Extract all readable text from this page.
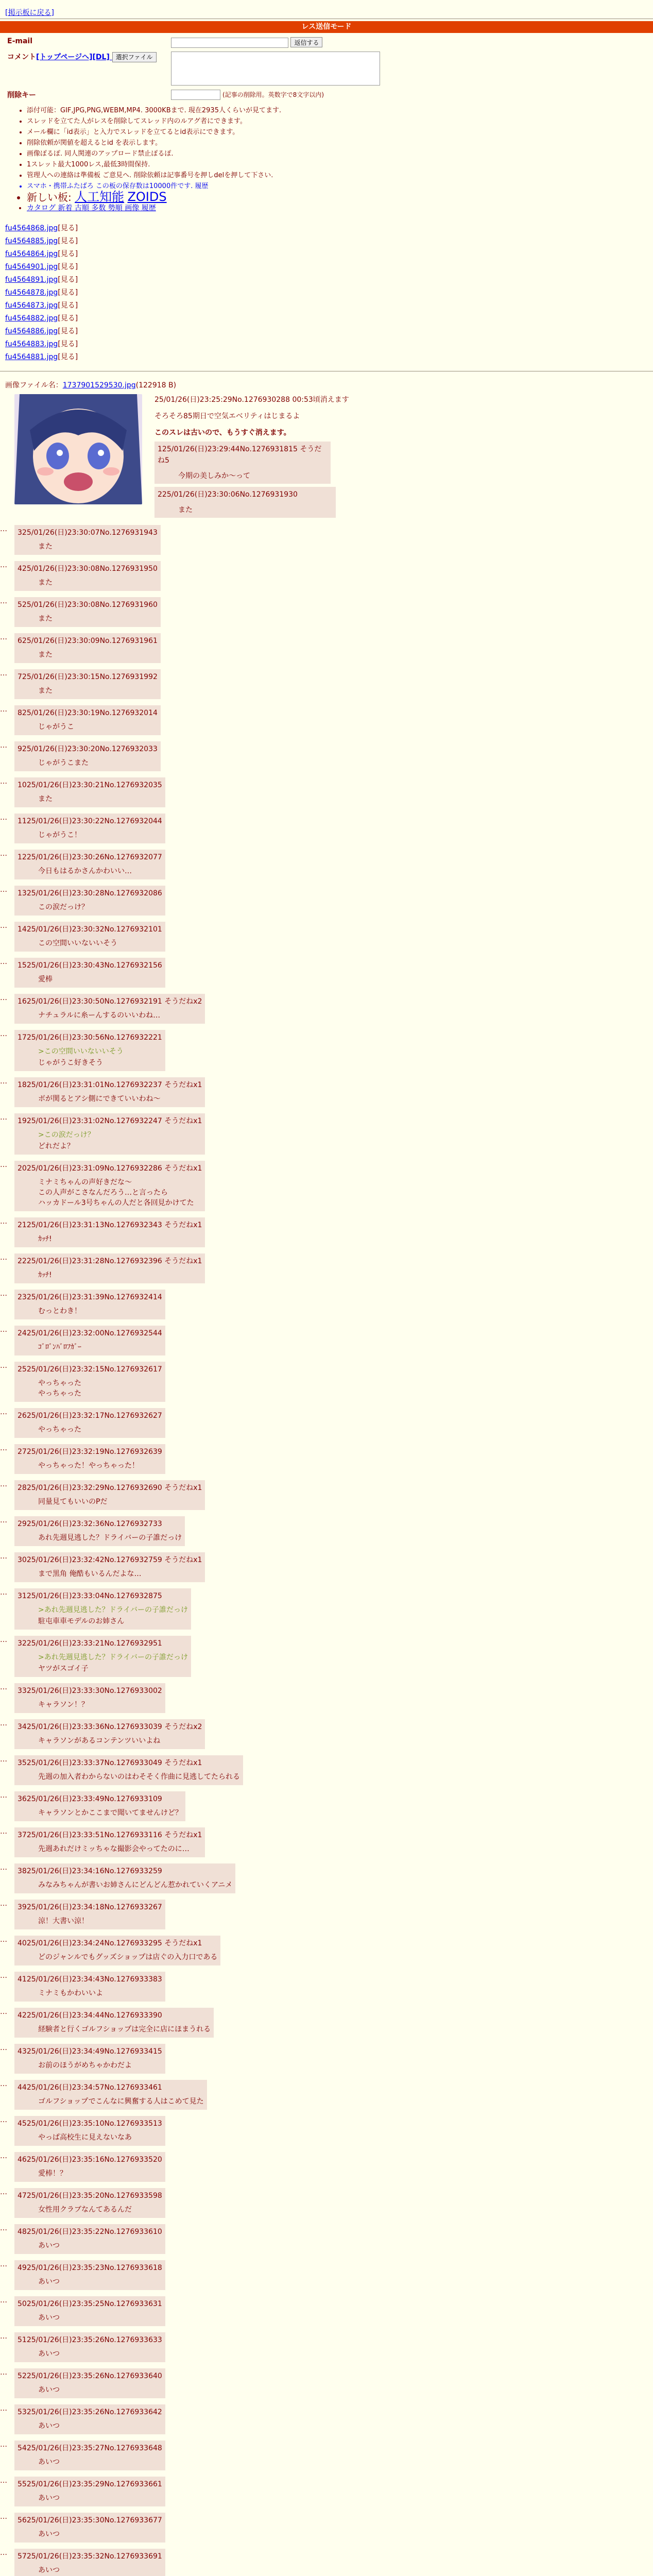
[掲示板に戻る]
レス送信モード
E-mail	返信する
コメント[トップページへ][DL] 選択ファイル	
削除キー	(記事の削除用。英数字で8文字以内)
• 添付可能：GIF,JPG,PNG,WEBM,MP4. 3000KBまで. 現在2935人くらいが見てます.
• スレッドを立てた人がレスを削除してスレッド内のルアグ者にできます。
• メール欄に「id表示」と入力でスレッドを立てるとid表示にできます。
• 削除依頼が関値を超えるとid を表示します。
• 画像ぽるぽ. 同人関連のアップロード禁止ぽるぽ.
• 1スレット最大1000レス,最低3時間保持.
• 管理人への連絡は準備板 ご意見へ. 削除依頼は記事番号を押しdelを押して下さい.
• スマホ・携帯ふたばろ この板の保存数は10000件です. 履歴
• 新しい板: 人工知能 ZOIDS
• カタログ 新着 古順 多数 勢順 画像 履歴
fu4564868.jpg[見る]
fu4564885.jpg[見る]
fu4564864.jpg[見る]
fu4564901.jpg[見る]
fu4564891.jpg[見る]
fu4564878.jpg[見る]
fu4564873.jpg[見る]
fu4564882.jpg[見る]
fu4564886.jpg[見る]
fu4564883.jpg[見る]
fu4564881.jpg[見る]
画像ファイル名：1737901529530.jpg(122918 B)
25/01/26(日)23:25:29No.1276930288 00:53頃消えます
そろそろ85期日で空気エベリティはじまるよ
このスレは古いので、もうすぐ消えます。
125/01/26(日)23:29:44No.1276931815 そうだね5
今期の美しみか～って
225/01/26(日)23:30:06No.1276931930
また
…	325/01/26(日)23:30:07No.1276931943
また
…	425/01/26(日)23:30:08No.1276931950
また
…	525/01/26(日)23:30:08No.1276931960
また
…	625/01/26(日)23:30:09No.1276931961
また
…	725/01/26(日)23:30:15No.1276931992
また
…	825/01/26(日)23:30:19No.1276932014
じゃがうこ
…	925/01/26(日)23:30:20No.1276932033
じゃがうこまた
…	1025/01/26(日)23:30:21No.1276932035
また
…	1125/01/26(日)23:30:22No.1276932044
じゃがうこ！
…	1225/01/26(日)23:30:26No.1276932077
今日もはるかさんかわいい…
…	1325/01/26(日)23:30:28No.1276932086
この涙だっけ？
…	1425/01/26(日)23:30:32No.1276932101
この空間いいないいそう
…	1525/01/26(日)23:30:43No.1276932156
愛棒
…	1625/01/26(日)23:30:50No.1276932191 そうだねx2
ナチュラルに糸ーんするのいいわね…
…	1725/01/26(日)23:30:56No.1276932221
>この空間いいないいそう
じゃがうこ好きそう
…	1825/01/26(日)23:31:01No.1276932237 そうだねx1
ボが関るとアシ側にできていいわね～
…	1925/01/26(日)23:31:02No.1276932247 そうだねx1
>この涙だっけ？
どれだよ？
…	2025/01/26(日)23:31:09No.1276932286 そうだねx1
ミナミちゃんの声好きだな～
この人声がこさなんだろう…と言ったら
ハッカドール3号ちゃんの人だと各回見かけてた
…	2125/01/26(日)23:31:13No.1276932343 そうだねx1
ｶｯﾁ!
…	2225/01/26(日)23:31:28No.1276932396 そうだねx1
ｶｯﾁ!
…	2325/01/26(日)23:31:39No.1276932414
むっとわき！
…	2425/01/26(日)23:32:00No.1276932544
ｺﾞﾛﾞﾝﾊﾞﾛﾌｶﾞｰ
…	2525/01/26(日)23:32:15No.1276932617
やっちゃった
やっちゃった
…	2625/01/26(日)23:32:17No.1276932627
やっちゃった
…	2725/01/26(日)23:32:19No.1276932639
やっちゃった！やっちゃった！
…	2825/01/26(日)23:32:29No.1276932690 そうだねx1
同量見てもいいのPだ
…	2925/01/26(日)23:32:36No.1276932733
あれ先週見逃した？ドライバーの子誰だっけ
…	3025/01/26(日)23:32:42No.1276932759 そうだねx1
まで黒角 俺酷もいるんだよな…
…	3125/01/26(日)23:33:04No.1276932875
>あれ先週見逃した？ドライバーの子誰だっけ
駐屯車車モデルのお姉さん
…	3225/01/26(日)23:33:21No.1276932951
>あれ先週見逃した？ドライバーの子誰だっけ
ヤツがスゴイ子
…	3325/01/26(日)23:33:30No.1276933002
キャラソン！？
…	3425/01/26(日)23:33:36No.1276933039 そうだねx2
キャラソンがあるコンテンツいいよね
…	3525/01/26(日)23:33:37No.1276933049 そうだねx1
先週の加入者わからないのはわそそく作曲に見逃してたられる
…	3625/01/26(日)23:33:49No.1276933109
キャラソンとかここまで聞いてませんけど？
…	3725/01/26(日)23:33:51No.1276933116 そうだねx1
先週あれだけミッちゃな撮影会やってたのに…
…	3825/01/26(日)23:34:16No.1276933259
みなみちゃんが書いお姉さんにどんどん惹かれていくアニメ
…	3925/01/26(日)23:34:18No.1276933267
涼！大書い涼！
…	4025/01/26(日)23:34:24No.1276933295 そうだねx1
どのジャンルでもグッズショップは店ぐの入力口である
…	4125/01/26(日)23:34:43No.1276933383
ミナミもかわいいよ
…	4225/01/26(日)23:34:44No.1276933390
経験者と行くゴルフショップは完全に店にほまうれる
…	4325/01/26(日)23:34:49No.1276933415
お前のほうがめちゃかわだよ
…	4425/01/26(日)23:34:57No.1276933461
ゴルフショップでこんなに興奮する人はこめて見た
…	4525/01/26(日)23:35:10No.1276933513
やっぱ高校生に見えないなあ
…	4625/01/26(日)23:35:16No.1276933520
愛棒！？
…	4725/01/26(日)23:35:20No.1276933598
女性用クラブなんてあるんだ
…	4825/01/26(日)23:35:22No.1276933610
あいつ
…	4925/01/26(日)23:35:23No.1276933618
あいつ
…	5025/01/26(日)23:35:25No.1276933631
あいつ
…	5125/01/26(日)23:35:26No.1276933633
あいつ
…	5225/01/26(日)23:35:26No.1276933640
あいつ
…	5325/01/26(日)23:35:26No.1276933642
あいつ
…	5425/01/26(日)23:35:27No.1276933648
あいつ
…	5525/01/26(日)23:35:29No.1276933661
あいつ
…	5625/01/26(日)23:35:30No.1276933677
あいつ
…	5725/01/26(日)23:35:32No.1276933691
あいつ
